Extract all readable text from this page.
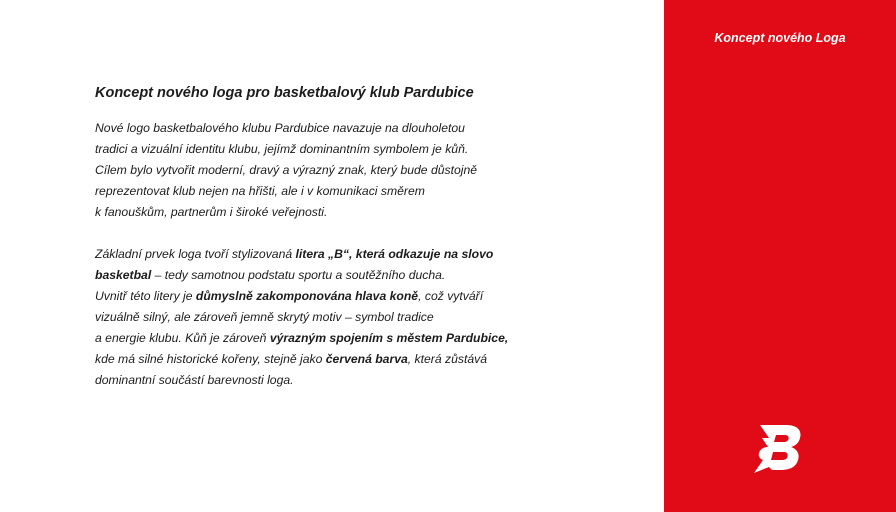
Koncept nového loga pro basketbalový klub Pardubice

Nové logo basketbalového klubu Pardubice navazuje na dlouholetou
tradici a vizuální identitu klubu, jejímž dominantním symbolem je kůň.
Cílem bylo vytvořit moderní, dravý a výrazný znak, který bude důstojně
reprezentovat klub nejen na hřišti, ale i v komunikaci směrem
k fanouškům, partnerům i široké veřejnosti.

Základní prvek loga tvoří stylizovaná litera „B“, která odkazuje na slovo
basketbal – tedy samotnou podstatu sportu a soutěžního ducha.
Uvnitř této litery je důmyslně zakomponována hlava koně, což vytváří
vizuálně silný, ale zároveň jemně skrytý motiv – symbol tradice
a energie klubu. Kůň je zároveň výrazným spojením s městem Pardubice,
kde má silné historické kořeny, stejně jako červená barva, která zůstává
dominantní součástí barevnosti loga.

Koncept nového Loga
